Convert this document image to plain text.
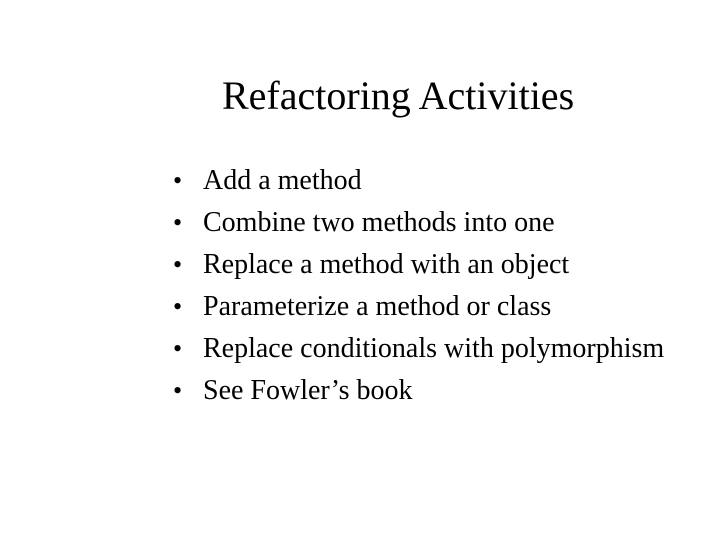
Refactoring Activities
• Add a method
• Combine two methods into one
• Replace a method with an object
• Parameterize a method or class
• Replace conditionals with polymorphism
• See Fowler’s book
